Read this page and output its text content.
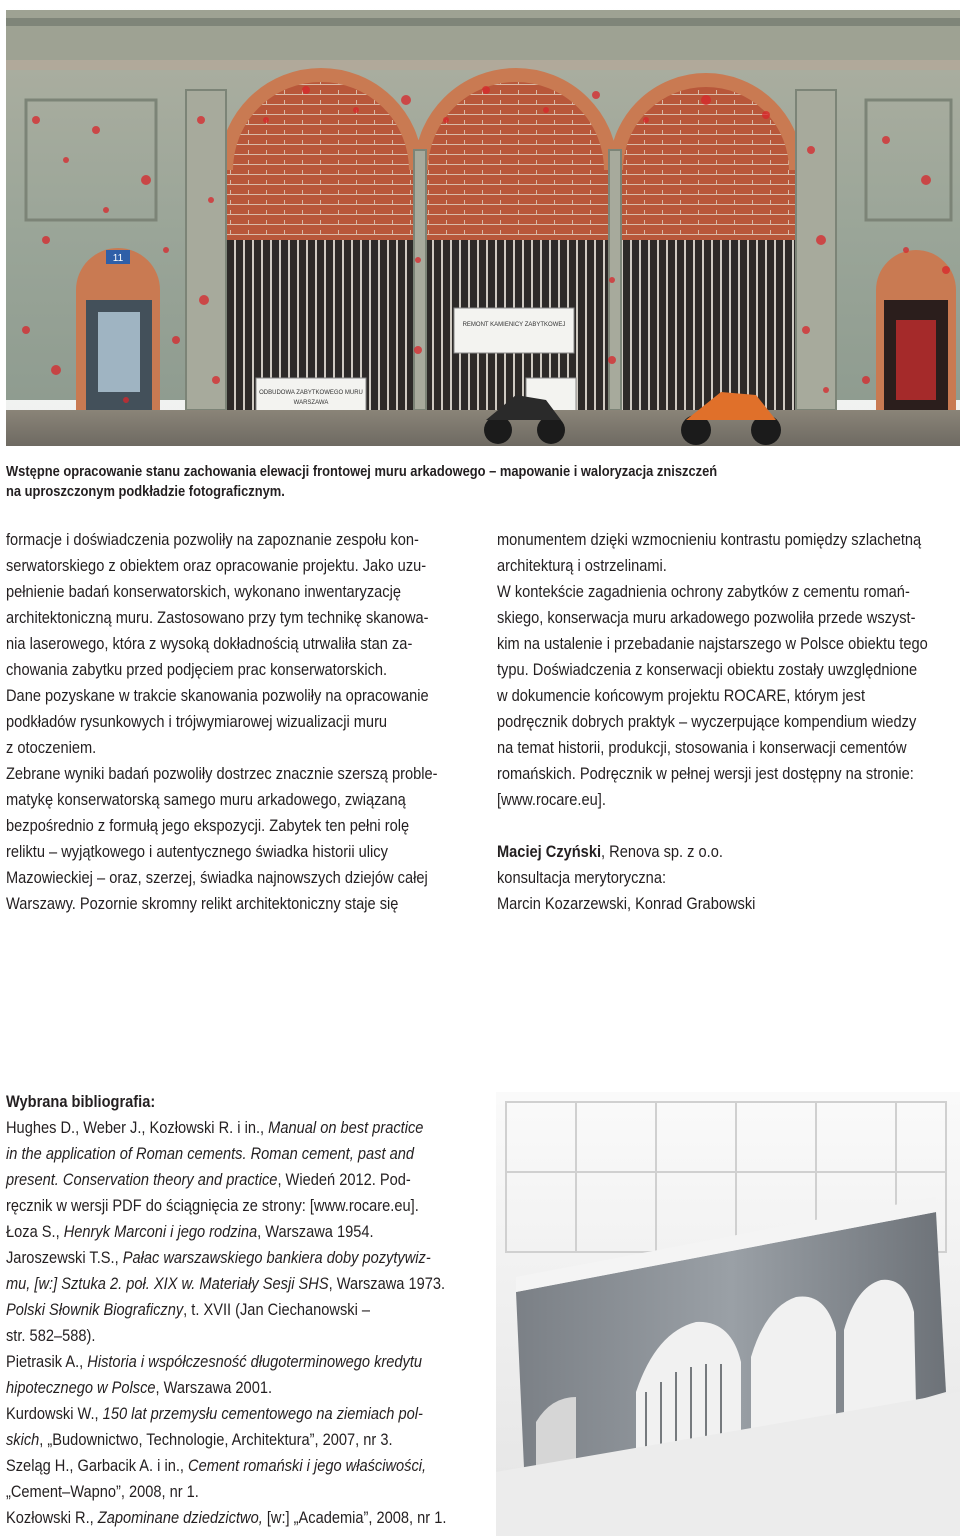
11
REMONT KAMIENICY ZABYTKOWEJ
ODBUDOWA ZABYTKOWEGO MURU
WARSZAWA
Wstępne opracowanie stanu zachowania elewacji frontowej muru arkadowego – mapowanie i waloryzacja zniszczeń
na uproszczonym podkładzie fotograficznym.

formacje i doświadczenia pozwoliły na zapoznanie zespołu kon-

serwatorskiego z obiektem oraz opracowanie projektu. Jako uzu-

pełnienie badań konserwatorskich, wykonano inwentaryzację

architektoniczną muru. Zastosowano przy tym technikę skanowa-

nia laserowego, która z wysoką dokładnością utrwaliła stan za-

chowania zabytku przed podjęciem prac konserwatorskich.

Dane pozyskane w trakcie skanowania pozwoliły na opracowanie

podkładów rysunkowych i trójwymiarowej wizualizacji muru

z otoczeniem.

Zebrane wyniki badań pozwoliły dostrzec znacznie szerszą proble-

matykę konserwatorską samego muru arkadowego, związaną

bezpośrednio z formułą jego ekspozycji. Zabytek ten pełni rolę

reliktu – wyjątkowego i autentycznego świadka historii ulicy

Mazowieckiej – oraz, szerzej, świadka najnowszych dziejów całej

Warszawy. Pozornie skromny relikt architektoniczny staje się

monumentem dzięki wzmocnieniu kontrastu pomiędzy szlachetną

architekturą i ostrzelinami.

W kontekście zagadnienia ochrony zabytków z cementu romań-

skiego, konserwacja muru arkadowego pozwoliła przede wszyst-

kim na ustalenie i przebadanie najstarszego w Polsce obiektu tego

typu. Doświadczenia z konserwacji obiektu zostały uwzględnione

w dokumencie końcowym projektu ROCARE, którym jest

podręcznik dobrych praktyk – wyczerpujące kompendium wiedzy

na temat historii, produkcji, stosowania i konserwacji cementów

romańskich. Podręcznik w pełnej wersji jest dostępny na stronie:

[www.rocare.eu].

Maciej Czyński, Renova sp. z o.o.

konsultacja merytoryczna:

Marcin Kozarzewski, Konrad Grabowski

Wybrana bibliografia:
Hughes D., Weber J., Kozłowski R. i in., Manual on best practice
in the application of Roman cements. Roman cement, past and
present. Conservation theory and practice, Wiedeń 2012. Pod-
ręcznik w wersji PDF do ściągnięcia ze strony: [www.rocare.eu].
Łoza S., Henryk Marconi i jego rodzina, Warszawa 1954.
Jaroszewski T.S., Pałac warszawskiego bankiera doby pozytywiz-
mu, [w:] Sztuka 2. poł. XIX w. Materiały Sesji SHS, Warszawa 1973.
Polski Słownik Biograficzny, t. XVII (Jan Ciechanowski –
str. 582–588).
Pietrasik A., Historia i współczesność długoterminowego kredytu
hipotecznego w Polsce, Warszawa 2001.
Kurdowski W., 150 lat przemysłu cementowego na ziemiach pol-
skich, „Budownictwo, Technologie, Architektura”, 2007, nr 3.
Szeląg H., Garbacik A. i in., Cement romański i jego właściwości,
„Cement–Wapno”, 2008, nr 1.
Kozłowski R., Zapominane dziedzictwo, [w:] „Academia”, 2008, nr 1.
